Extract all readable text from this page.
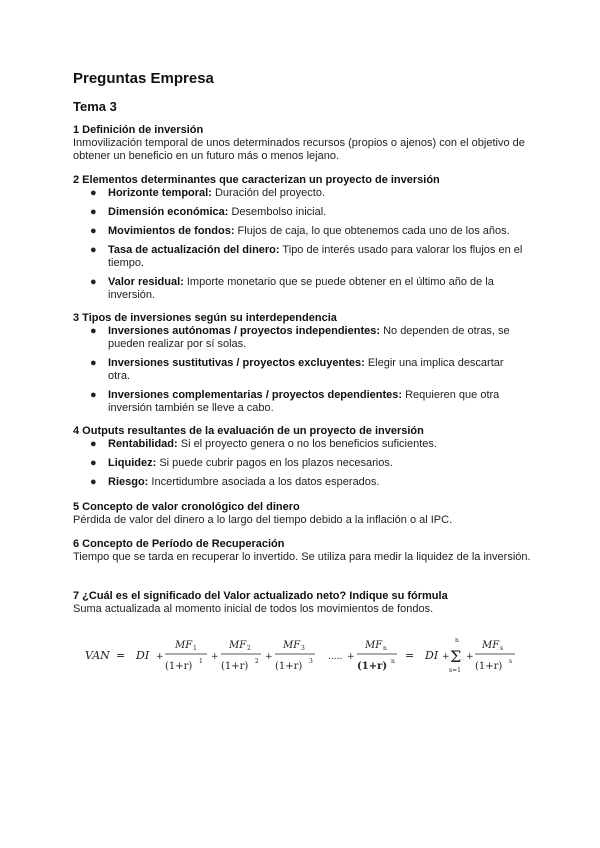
Preguntas Empresa
Tema 3

1 Definición de inversión

Inmovilización temporal de unos determinados recursos (propios o ajenos) con el objetivo de obtener un beneficio en un futuro más o menos lejano.

2 Elementos determinantes que caracterizan un proyecto de inversión

● Horizonte temporal: Duración del proyecto.
● Dimensión económica: Desembolso inicial.
● Movimientos de fondos: Flujos de caja, lo que obtenemos cada uno de los años.
● Tasa de actualización del dinero: Tipo de interés usado para valorar los flujos en el tiempo.
● Valor residual: Importe monetario que se puede obtener en el último año de la inversión.

3 Tipos de inversiones según su interdependencia

● Inversiones autónomas / proyectos independientes: No dependen de otras, se pueden realizar por sí solas.
● Inversiones sustitutivas / proyectos excluyentes: Elegir una implica descartar otra.
● Inversiones complementarias / proyectos dependientes: Requieren que otra inversión también se lleve a cabo.

4 Outputs resultantes de la evaluación de un proyecto de inversión

● Rentabilidad: Si el proyecto genera o no los beneficios suficientes.
● Liquidez: Si puede cubrir pagos en los plazos necesarios.
● Riesgo: Incertidumbre asociada a los datos esperados.

5 Concepto de valor cronológico del dinero

Pérdida de valor del dinero a lo largo del tiempo debido a la inflación o al IPC.

6 Concepto de Período de Recuperación

Tiempo que se tarda en recuperar lo invertido. Se utiliza para medir la liquidez de la inversión.

7 ¿Cuál es el significado del Valor actualizado neto? Indique su fórmula

Suma actualizada al momento inicial de todos los movimientos de fondos.

VAN = DI +
MF 1
(1+r) 1 +
MF 2
(1+r) 2 +
MF 3
(1+r) 3 ..... +
MF n
(1+r) n = DI +
n
Σ
s=1
+
MF s
(1+r) s
